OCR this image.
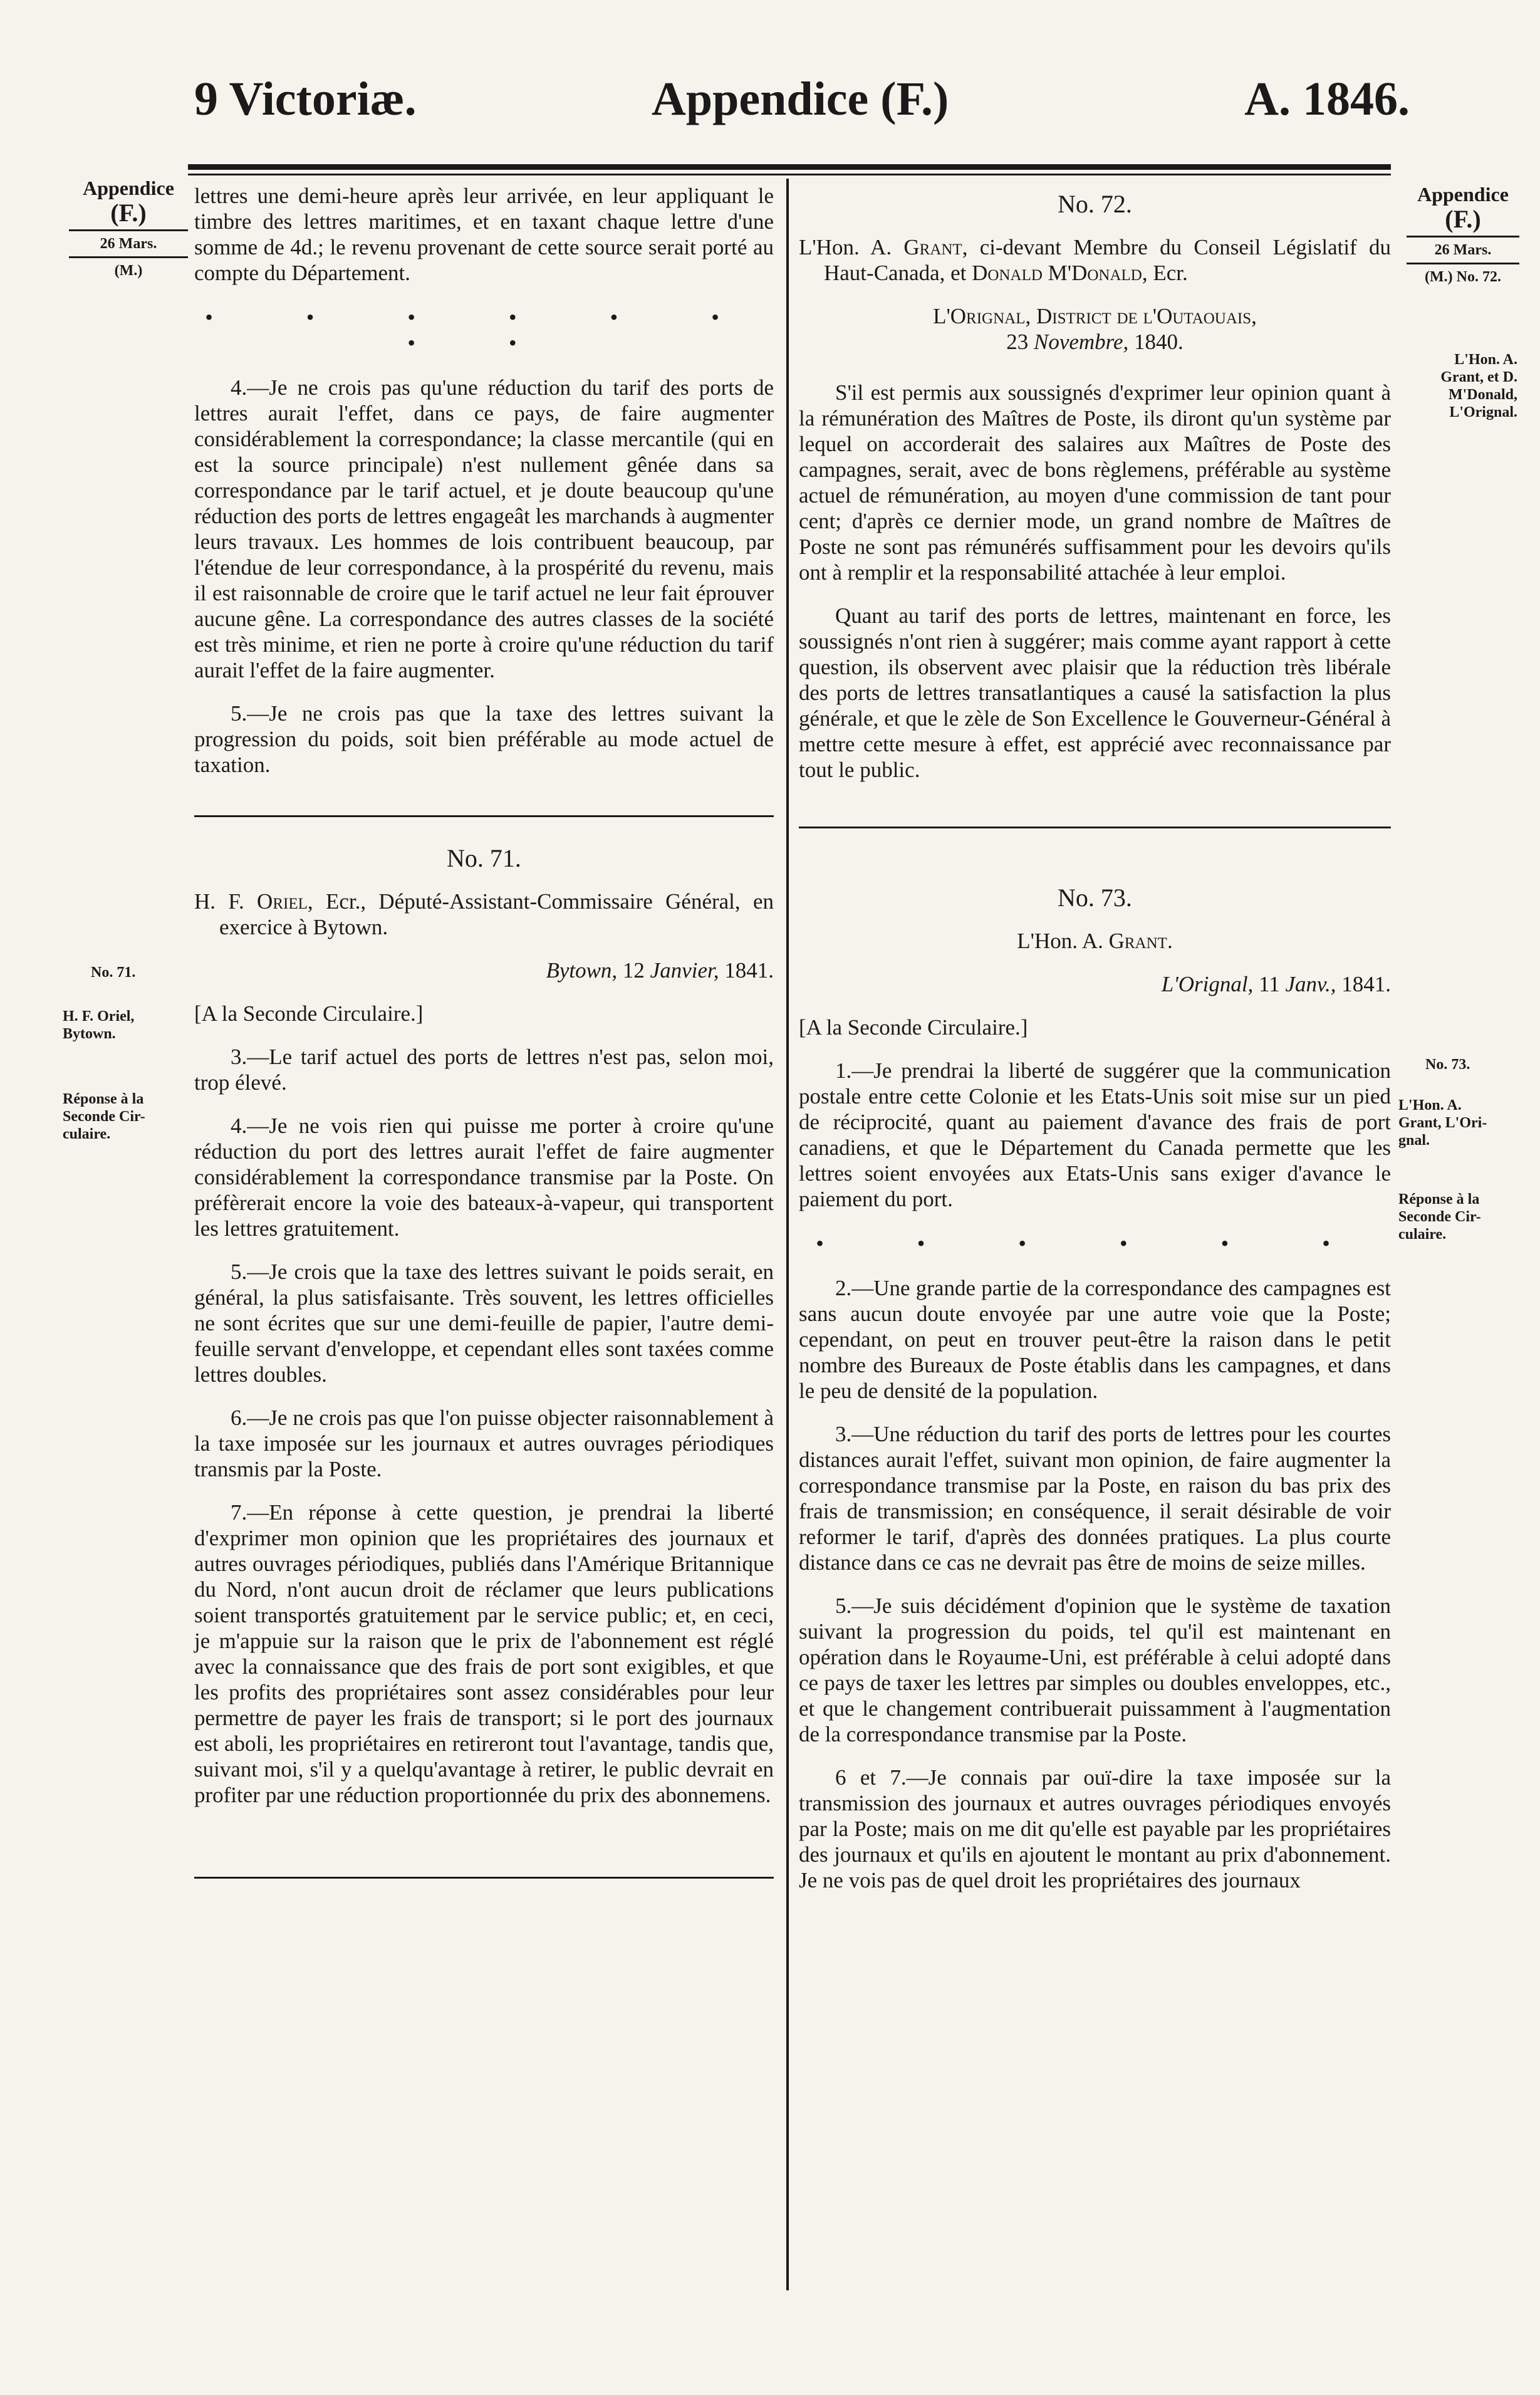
9 Victoriæ.	Appendice (F.)	A. 1846.
Appendice
(F.)
26 Mars.
(M.)
No. 71.
H. F. Oriel,
Bytown.
Réponse à la
Seconde Cir-
culaire.
Appendice
(F.)
26 Mars.
(M.) No. 72.
L'Hon. A.
Grant, et D.
M'Donald,
L'Orignal.
No. 73.
L'Hon. A.
Grant, L'Ori-
gnal.
Réponse à la
Seconde Cir-
culaire.

lettres une demi-heure après leur arrivée, en leur appliquant le timbre des lettres maritimes, et en taxant chaque lettre d'une somme de 4d.; le revenu provenant de cette source serait porté au compte du Département.

• • • • • • • •

4.—Je ne crois pas qu'une réduction du tarif des ports de lettres aurait l'effet, dans ce pays, de faire augmenter considérablement la correspondance; la classe mercantile (qui en est la source principale) n'est nullement gênée dans sa correspondance par le tarif actuel, et je doute beaucoup qu'une réduction des ports de lettres engageât les marchands à augmenter leurs travaux. Les hommes de lois contribuent beaucoup, par l'étendue de leur correspondance, à la prospérité du revenu, mais il est raisonnable de croire que le tarif actuel ne leur fait éprouver aucune gêne. La correspondance des autres classes de la société est très minime, et rien ne porte à croire qu'une réduction du tarif aurait l'effet de la faire augmenter.

5.—Je ne crois pas que la taxe des lettres suivant la progression du poids, soit bien préférable au mode actuel de taxation.

No. 71.

H. F. Oriel, Ecr., Député-Assistant-Commissaire Général, en exercice à Bytown.

Bytown, 12 Janvier, 1841.

[A la Seconde Circulaire.]

3.—Le tarif actuel des ports de lettres n'est pas, selon moi, trop élevé.

4.—Je ne vois rien qui puisse me porter à croire qu'une réduction du port des lettres aurait l'effet de faire augmenter considérablement la correspondance transmise par la Poste. On préfèrerait encore la voie des bateaux-à-vapeur, qui transportent les lettres gratuitement.

5.—Je crois que la taxe des lettres suivant le poids serait, en général, la plus satisfaisante. Très souvent, les lettres officielles ne sont écrites que sur une demi-feuille de papier, l'autre demi-feuille servant d'enveloppe, et cependant elles sont taxées comme lettres doubles.

6.—Je ne crois pas que l'on puisse objecter raisonnablement à la taxe imposée sur les journaux et autres ouvrages périodiques transmis par la Poste.

7.—En réponse à cette question, je prendrai la liberté d'exprimer mon opinion que les propriétaires des journaux et autres ouvrages périodiques, publiés dans l'Amérique Britannique du Nord, n'ont aucun droit de réclamer que leurs publications soient transportés gratuitement par le service public; et, en ceci, je m'appuie sur la raison que le prix de l'abonnement est réglé avec la connaissance que des frais de port sont exigibles, et que les profits des propriétaires sont assez considérables pour leur permettre de payer les frais de transport; si le port des journaux est aboli, les propriétaires en retireront tout l'avantage, tandis que, suivant moi, s'il y a quelqu'avantage à retirer, le public devrait en profiter par une réduction proportionnée du prix des abonnemens.

No. 72.

L'Hon. A. Grant, ci-devant Membre du Conseil Législatif du Haut-Canada, et Donald M'Donald, Ecr.

L'Orignal, District de l'Outaouais,
23 Novembre, 1840.

S'il est permis aux soussignés d'exprimer leur opinion quant à la rémunération des Maîtres de Poste, ils diront qu'un système par lequel on accorderait des salaires aux Maîtres de Poste des campagnes, serait, avec de bons règlemens, préférable au système actuel de rémunération, au moyen d'une commission de tant pour cent; d'après ce dernier mode, un grand nombre de Maîtres de Poste ne sont pas rémunérés suffisamment pour les devoirs qu'ils ont à remplir et la responsabilité attachée à leur emploi.

Quant au tarif des ports de lettres, maintenant en force, les soussignés n'ont rien à suggérer; mais comme ayant rapport à cette question, ils observent avec plaisir que la réduction très libérale des ports de lettres transatlantiques a causé la satisfaction la plus générale, et que le zèle de Son Excellence le Gouverneur-Général à mettre cette mesure à effet, est apprécié avec reconnaissance par tout le public.

No. 73.

L'Hon. A. Grant.

L'Orignal, 11 Janv., 1841.

[A la Seconde Circulaire.]

1.—Je prendrai la liberté de suggérer que la communication postale entre cette Colonie et les Etats-Unis soit mise sur un pied de réciprocité, quant au paiement d'avance des frais de port canadiens, et que le Département du Canada permette que les lettres soient envoyées aux Etats-Unis sans exiger d'avance le paiement du port.

• • • • • •

2.—Une grande partie de la correspondance des campagnes est sans aucun doute envoyée par une autre voie que la Poste; cependant, on peut en trouver peut-être la raison dans le petit nombre des Bureaux de Poste établis dans les campagnes, et dans le peu de densité de la population.

3.—Une réduction du tarif des ports de lettres pour les courtes distances aurait l'effet, suivant mon opinion, de faire augmenter la correspondance transmise par la Poste, en raison du bas prix des frais de transmission; en conséquence, il serait désirable de voir reformer le tarif, d'après des données pratiques. La plus courte distance dans ce cas ne devrait pas être de moins de seize milles.

5.—Je suis décidément d'opinion que le système de taxation suivant la progression du poids, tel qu'il est maintenant en opération dans le Royaume-Uni, est préférable à celui adopté dans ce pays de taxer les lettres par simples ou doubles enveloppes, etc., et que le changement contribuerait puissamment à l'augmentation de la correspondance transmise par la Poste.

6 et 7.—Je connais par ouï-dire la taxe imposée sur la transmission des journaux et autres ouvrages périodiques envoyés par la Poste; mais on me dit qu'elle est payable par les propriétaires des journaux et qu'ils en ajoutent le montant au prix d'abonnement. Je ne vois pas de quel droit les propriétaires des journaux
